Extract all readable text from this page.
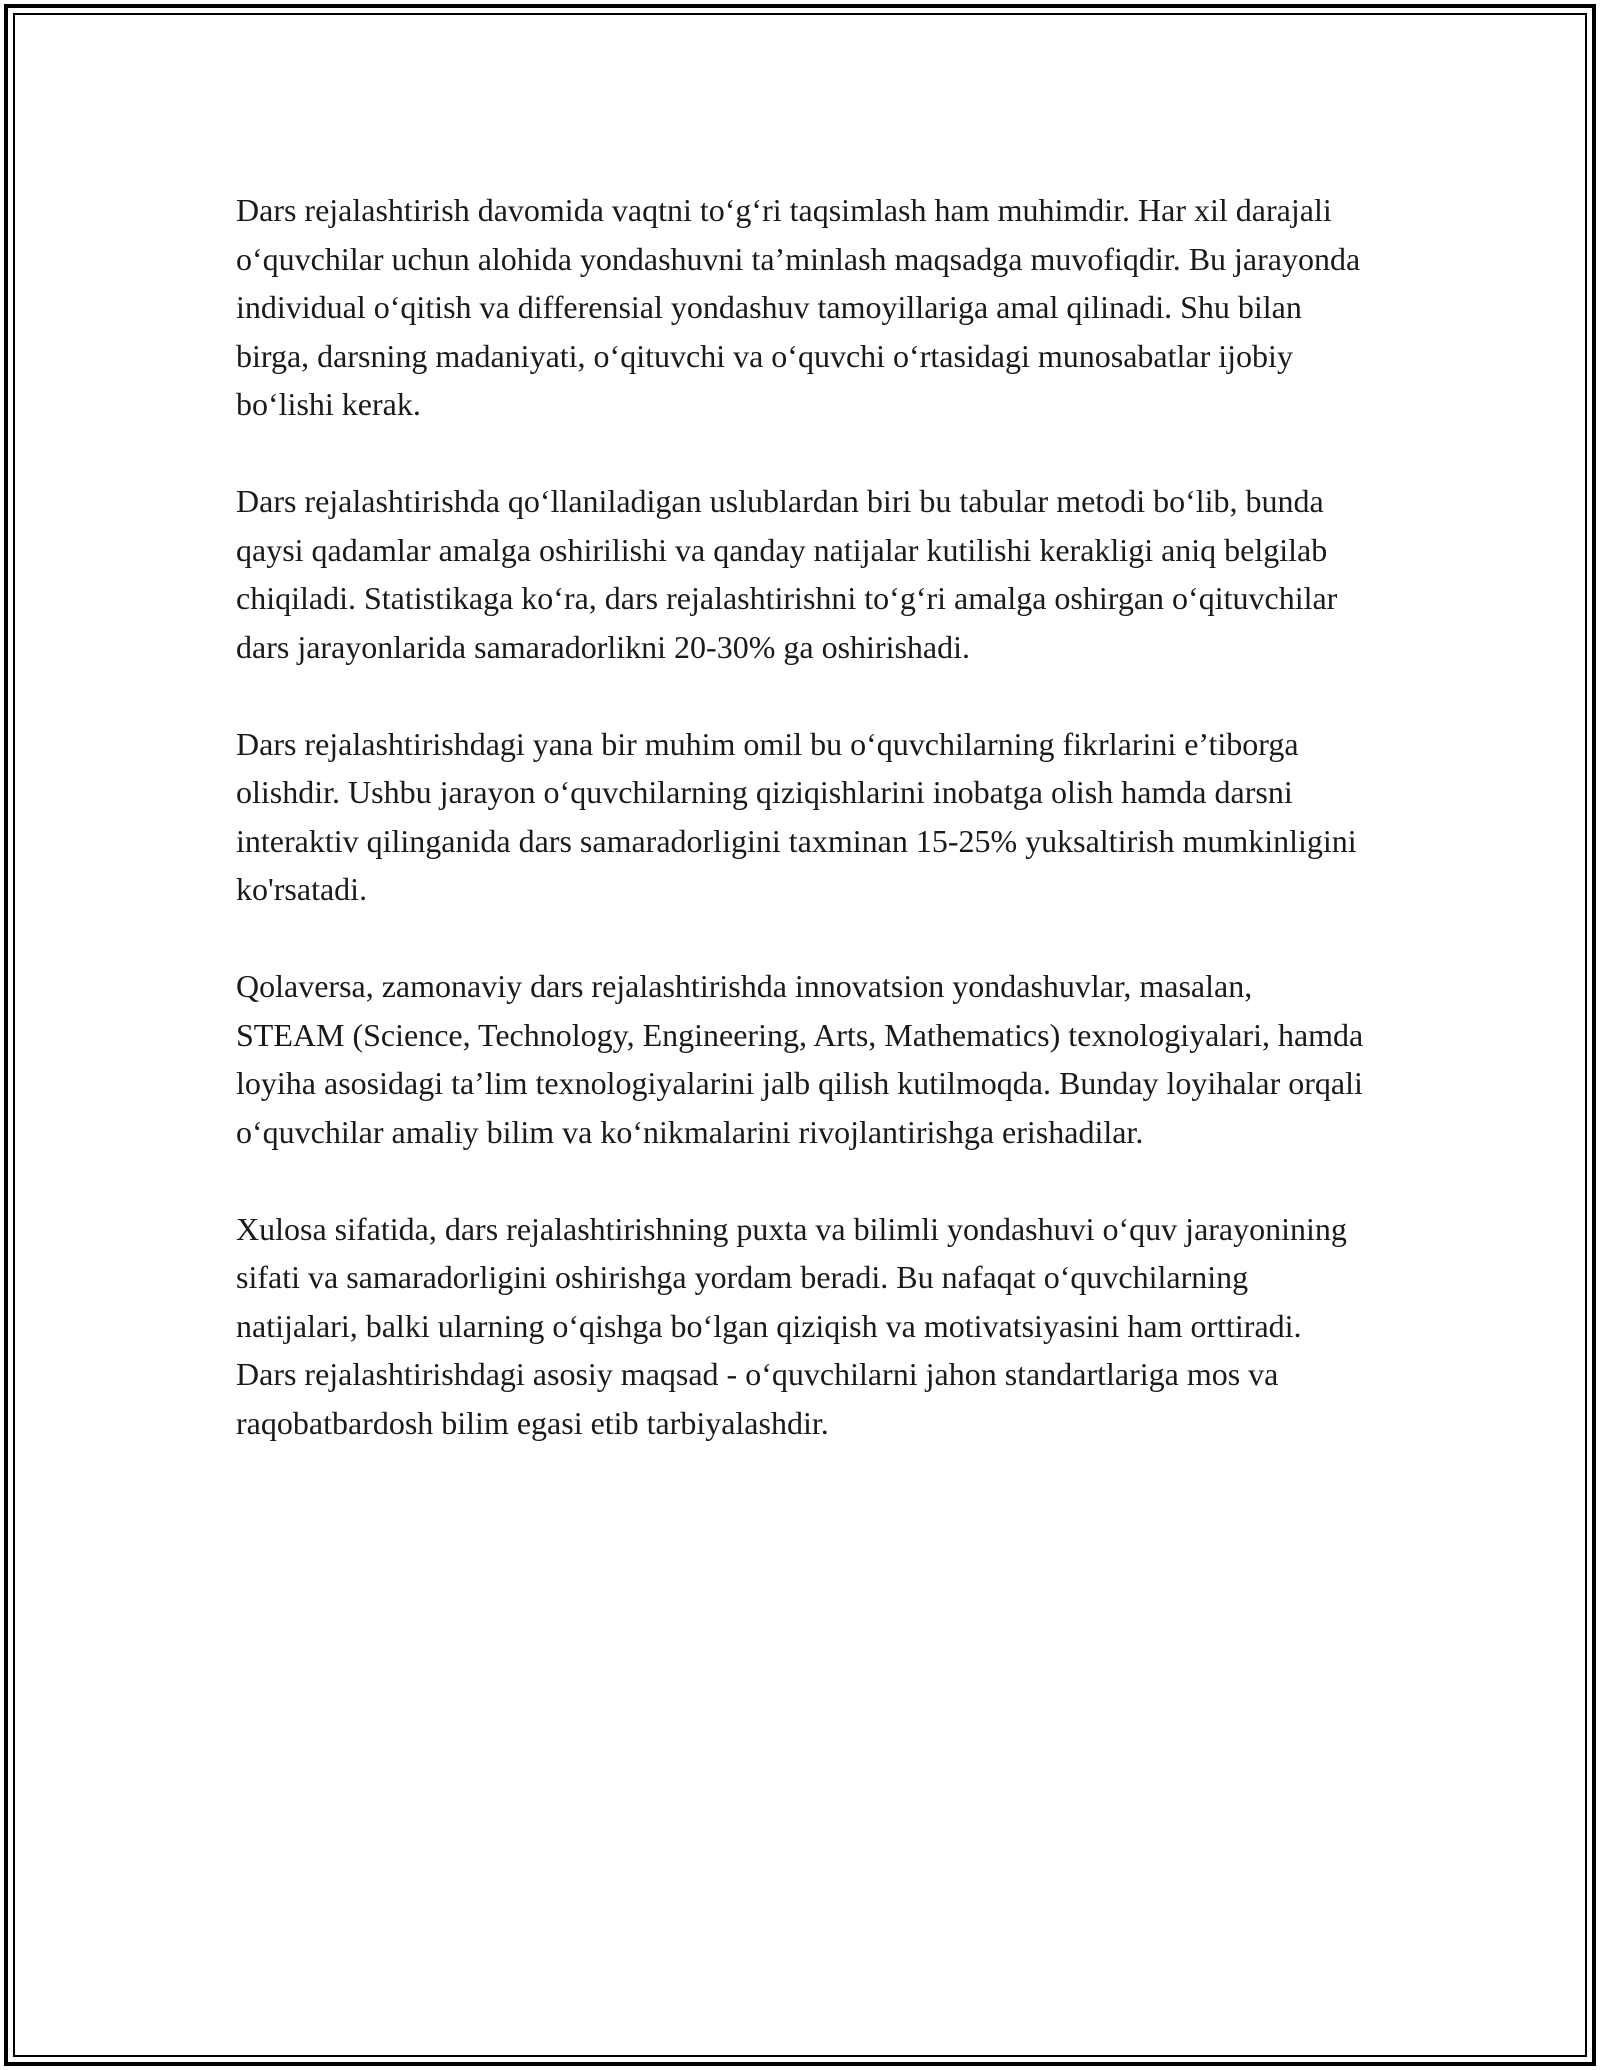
Dars rejalashtirish davomida vaqtni to‘g‘ri taqsimlash ham muhimdir. Har xil darajali o‘quvchilar uchun alohida yondashuvni ta’minlash maqsadga muvofiqdir. Bu jarayonda individual o‘qitish va differensial yondashuv tamoyillariga amal qilinadi. Shu bilan birga, darsning madaniyati, o‘qituvchi va o‘quvchi o‘rtasidagi munosabatlar ijobiy bo‘lishi kerak.

Dars rejalashtirishda qo‘llaniladigan uslublardan biri bu tabular metodi bo‘lib, bunda qaysi qadamlar amalga oshirilishi va qanday natijalar kutilishi kerakligi aniq belgilab chiqiladi. Statistikaga ko‘ra, dars rejalashtirishni to‘g‘ri amalga oshirgan o‘qituvchilar dars jarayonlarida samaradorlikni 20-30% ga oshirishadi.

Dars rejalashtirishdagi yana bir muhim omil bu o‘quvchilarning fikrlarini e’tiborga olishdir. Ushbu jarayon o‘quvchilarning qiziqishlarini inobatga olish hamda darsni interaktiv qilinganida dars samaradorligini taxminan 15-25% yuksaltirish mumkinligini ko'rsatadi.

Qolaversa, zamonaviy dars rejalashtirishda innovatsion yondashuvlar, masalan, STEAM (Science, Technology, Engineering, Arts, Mathematics) texnologiyalari, hamda loyiha asosidagi ta’lim texnologiyalarini jalb qilish kutilmoqda. Bunday loyihalar orqali o‘quvchilar amaliy bilim va ko‘nikmalarini rivojlantirishga erishadilar.

Xulosa sifatida, dars rejalashtirishning puxta va bilimli yondashuvi o‘quv jarayonining sifati va samaradorligini oshirishga yordam beradi. Bu nafaqat o‘quvchilarning natijalari, balki ularning o‘qishga bo‘lgan qiziqish va motivatsiyasini ham orttiradi. Dars rejalashtirishdagi asosiy maqsad - o‘quvchilarni jahon standartlariga mos va raqobatbardosh bilim egasi etib tarbiyalashdir.
